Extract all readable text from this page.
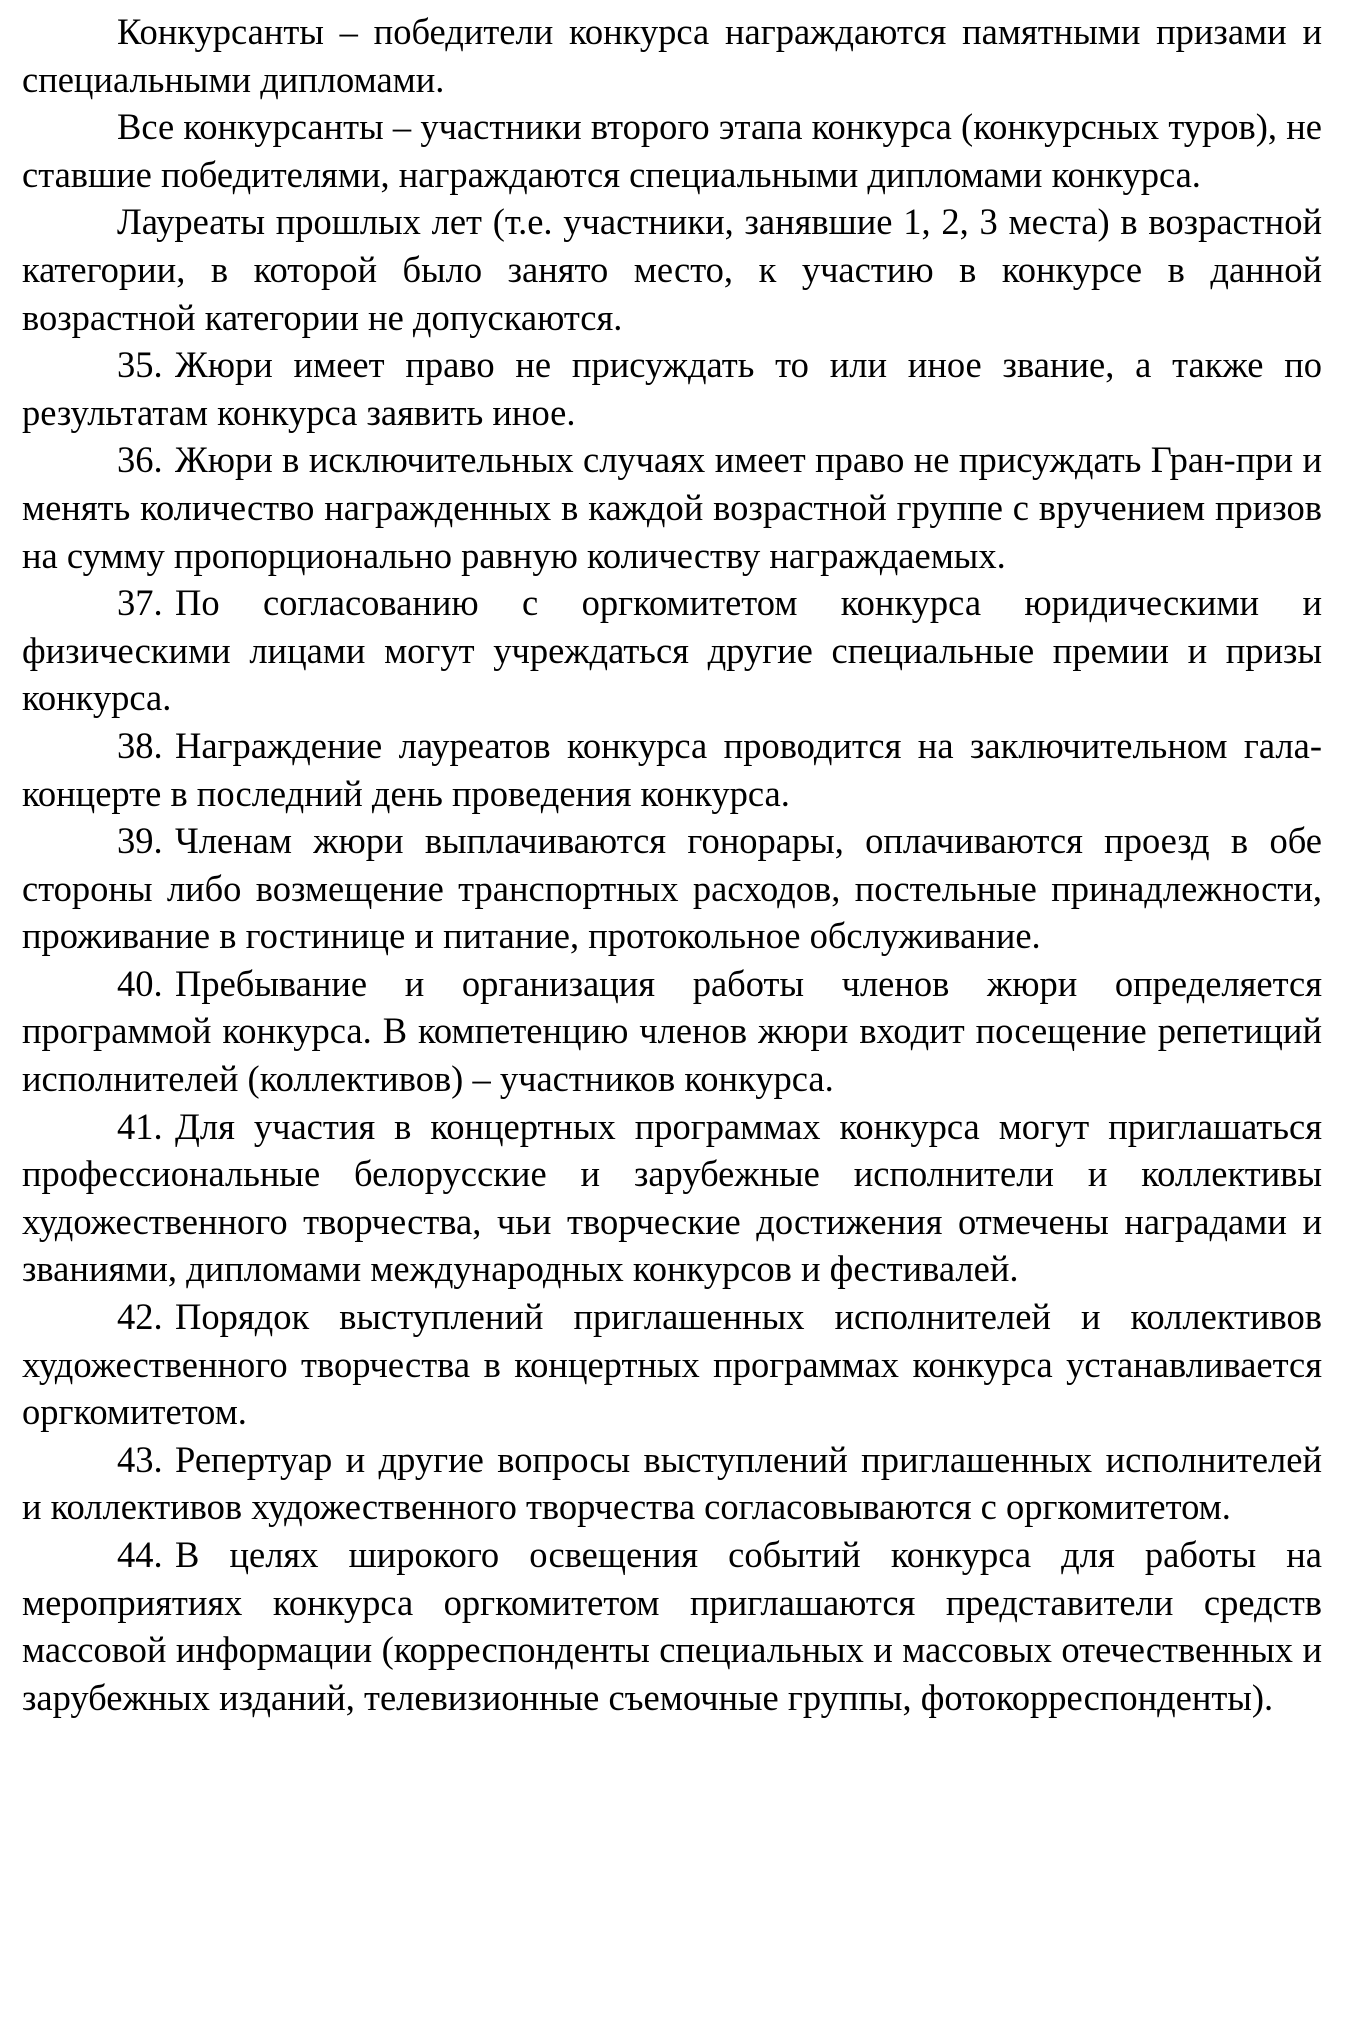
Конкурсанты – победители конкурса награждаются памятными призами и специальными дипломами.

Все конкурсанты – участники второго этапа конкурса (конкурсных туров), не ставшие победителями, награждаются специальными дипломами конкурса.

Лауреаты прошлых лет (т.е. участники, занявшие 1, 2, 3 места) в возрастной категории, в которой было занято место, к участию в конкурсе в данной возрастной категории не допускаются.

35. Жюри имеет право не присуждать то или иное звание, а также по результатам конкурса заявить иное.

36. Жюри в исключительных случаях имеет право не присуждать Гран-при и менять количество награжденных в каждой возрастной группе с вручением призов на сумму пропорционально равную количеству награждаемых.

37. По согласованию с оргкомитетом конкурса юридическими и физическими лицами могут учреждаться другие специальные премии и призы конкурса.

38. Награждение лауреатов конкурса проводится на заключительном гала-концерте в последний день проведения конкурса.

39. Членам жюри выплачиваются гонорары, оплачиваются проезд в обе стороны либо возмещение транспортных расходов, постельные принадлежности, проживание в гостинице и питание, протокольное обслуживание.

40. Пребывание и организация работы членов жюри определяется программой конкурса. В компетенцию членов жюри входит посещение репетиций исполнителей (коллективов) – участников конкурса.

41. Для участия в концертных программах конкурса могут приглашаться профессиональные белорусские и зарубежные исполнители и коллективы художественного творчества, чьи творческие достижения отмечены наградами и званиями, дипломами международных конкурсов и фестивалей.

42. Порядок выступлений приглашенных исполнителей и коллективов художественного творчества в концертных программах конкурса устанавливается оргкомитетом.

43. Репертуар и другие вопросы выступлений приглашенных исполнителей и коллективов художественного творчества согласовываются с оргкомитетом.

44. В целях широкого освещения событий конкурса для работы на мероприятиях конкурса оргкомитетом приглашаются представители средств массовой информации (корреспонденты специальных и массовых отечественных и зарубежных изданий, телевизионные съемочные группы, фотокорреспонденты).
